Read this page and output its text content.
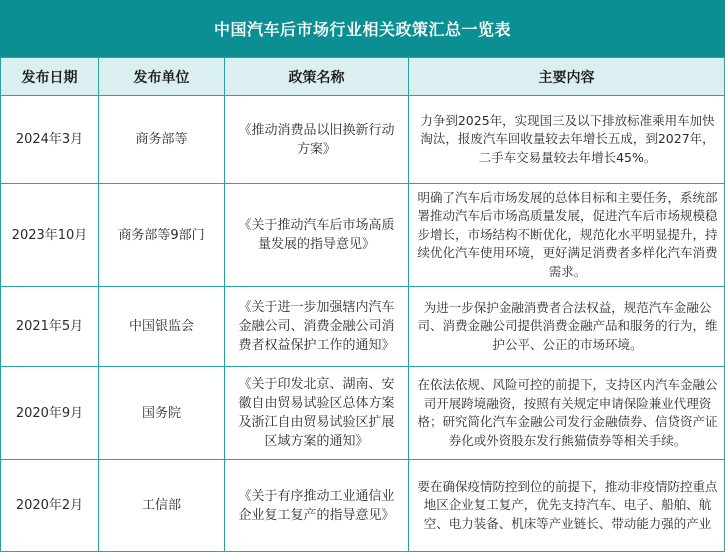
中国汽车后市场行业相关政策汇总一览表
发布日期	发布单位	政策名称	主要内容
2024年3月	商务部等	《推动消费品以旧换新行动方案》	力争到2025年，实现国三及以下排放标准乘用车加快淘汰，报废汽车回收量较去年增长五成，到2027年，二手车交易量较去年增长45%。
2023年10月	商务部等9部门	《关于推动汽车后市场高质量发展的指导意见》	明确了汽车后市场发展的总体目标和主要任务，系统部署推动汽车后市场高质量发展，促进汽车后市场规模稳步增长，市场结构不断优化，规范化水平明显提升，持续优化汽车使用环境，更好满足消费者多样化汽车消费需求。
2021年5月	中国银监会	《关于进一步加强辖内汽车金融公司、消费金融公司消费者权益保护工作的通知》	为进一步保护金融消费者合法权益，规范汽车金融公司、消费金融公司提供消费金融产品和服务的行为，维护公平、公正的市场环境。
2020年9月	国务院	《关于印发北京、湖南、安徽自由贸易试验区总体方案及浙江自由贸易试验区扩展区域方案的通知》	在依法依规、风险可控的前提下，支持区内汽车金融公司开展跨境融资，按照有关规定申请保险兼业代理资格；研究简化汽车金融公司发行金融债券、信贷资产证券化或外资股东发行熊猫债券等相关手续。
2020年2月	工信部	《关于有序推动工业通信业企业复工复产的指导意见》	要在确保疫情防控到位的前提下，推动非疫情防控重点地区企业复工复产，优先支持汽车、电子、船舶、航空、电力装备、机床等产业链长、带动能力强的产业
